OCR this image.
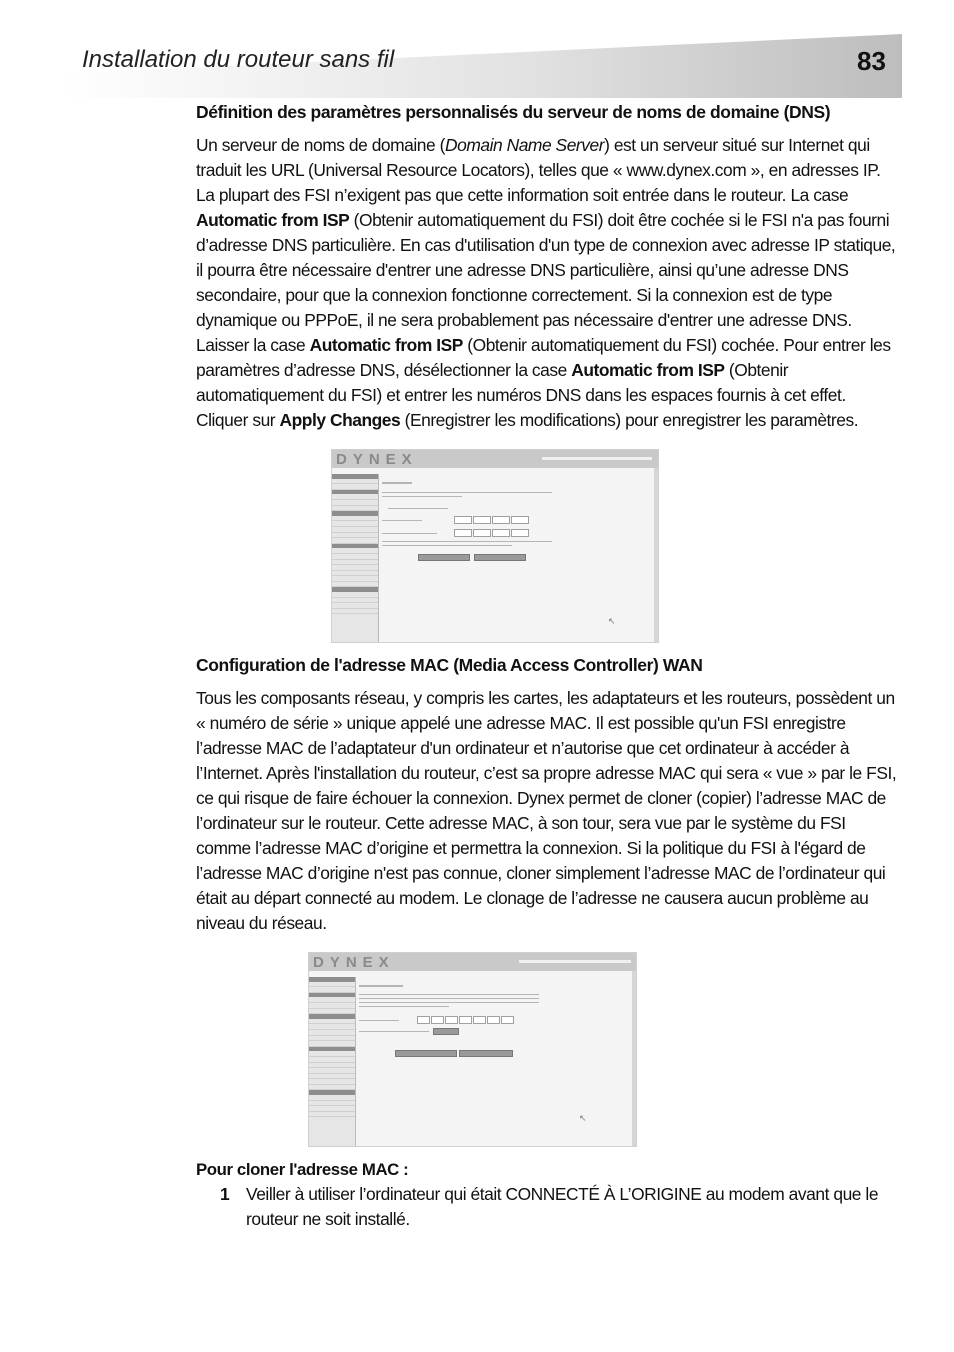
Installation du routeur sans fil	83
Définition des paramètres personnalisés du serveur de noms de domaine (DNS)
Un serveur de noms de domaine (Domain Name Server) est un serveur situé sur Internet qui traduit les URL (Universal Resource Locators), telles que « www.dynex.com », en adresses IP. La plupart des FSI n’exigent pas que cette information soit entrée dans le routeur. La case Automatic from ISP (Obtenir automatiquement du FSI) doit être cochée si le FSI n'a pas fourni d’adresse DNS particulière. En cas d'utilisation d'un type de connexion avec adresse IP statique, il pourra être nécessaire d'entrer une adresse DNS particulière, ainsi qu’une adresse DNS secondaire, pour que la connexion fonctionne correctement. Si la connexion est de type dynamique ou PPPoE, il ne sera probablement pas nécessaire d'entrer une adresse DNS. Laisser la case Automatic from ISP (Obtenir automatiquement du FSI) cochée. Pour entrer les paramètres d’adresse DNS, désélectionner la case Automatic from ISP (Obtenir automatiquement du FSI) et entrer les numéros DNS dans les espaces fournis à cet effet. Cliquer sur Apply Changes (Enregistrer les modifications) pour enregistrer les paramètres.
DYNEX
↖
Configuration de l'adresse MAC (Media Access Controller) WAN
Tous les composants réseau, y compris les cartes, les adaptateurs et les routeurs, possèdent un « numéro de série » unique appelé une adresse MAC. Il est possible qu'un FSI enregistre l’adresse MAC de l’adaptateur d'un ordinateur et n’autorise que cet ordinateur à accéder à l’Internet. Après l'installation du routeur, c’est sa propre adresse MAC qui sera « vue » par le FSI, ce qui risque de faire échouer la connexion. Dynex permet de cloner (copier) l’adresse MAC de l’ordinateur sur le routeur. Cette adresse MAC, à son tour, sera vue par le système du FSI comme l’adresse MAC d’origine et permettra la connexion. Si la politique du FSI à l'égard de l’adresse MAC d’origine n'est pas connue, cloner simplement l’adresse MAC de l’ordinateur qui était au départ connecté au modem. Le clonage de l’adresse ne causera aucun problème au niveau du réseau.
DYNEX
↖
Pour cloner l'adresse MAC :
1 Veiller à utiliser l’ordinateur qui était CONNECTÉ À L’ORIGINE au modem avant que le routeur ne soit installé.
